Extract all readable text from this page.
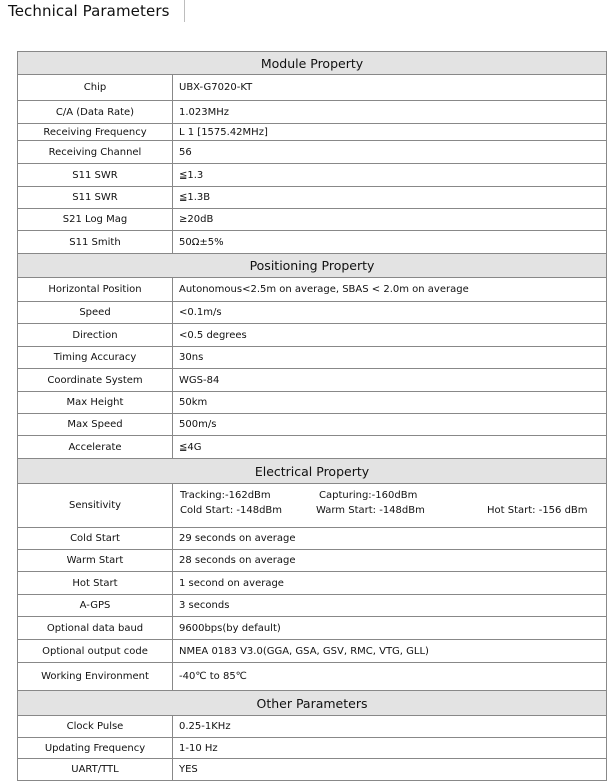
Technical Parameters
Module Property	
Chip	UBX-G7020-KT
C/A (Data Rate)	1.023MHz
Receiving Frequency	L 1 [1575.42MHz]
Receiving Channel	56
S11 SWR	≦1.3
S11 SWR	≦1.3B
S21 Log Mag	≥20dB
S11 Smith	50Ω±5%
Positioning Property	
Horizontal Position	Autonomous<2.5m on average, SBAS < 2.0m on average
Speed	<0.1m/s
Direction	<0.5 degrees
Timing Accuracy	30ns
Coordinate System	WGS-84
Max Height	50km
Max Speed	500m/s
Accelerate	≦4G
Electrical Property	
Sensitivity	Tracking:-162dBm Capturing:-160dBm
Cold Start: -148dBm Warm Start: -148dBm Hot Start: -156 dBm

Cold Start	29 seconds on average
Warm Start	28 seconds on average
Hot Start	1 second on average
A-GPS	3 seconds
Optional data baud	9600bps(by default)
Optional output code	NMEA 0183 V3.0(GGA, GSA, GSV, RMC, VTG, GLL)
Working Environment	-40℃ to 85℃
Other Parameters	
Clock Pulse	0.25-1KHz
Updating Frequency	1-10 Hz
UART/TTL	YES
